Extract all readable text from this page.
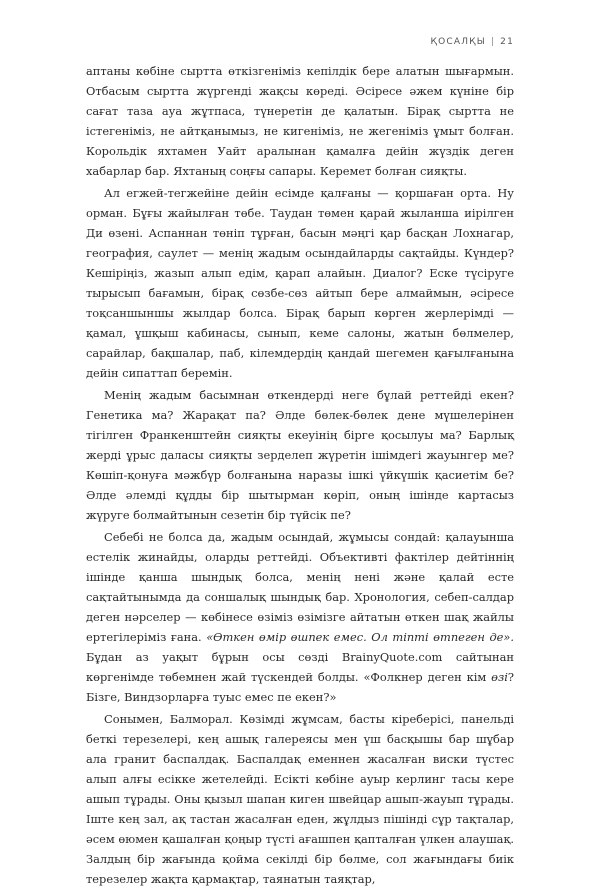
ҚОСАЛҚЫ | 21

аптаны көбіне сыртта өткізгеніміз кепілдік бере алатын шығармын. Отбасым сыртта жүргенді жақсы көреді. Әсіресе әжем күніне бір сағат таза ауа жұтпаса, түнеретін де қалатын. Бірақ сыртта не істегеніміз, не айтқанымыз, не кигеніміз, не жегеніміз ұмыт болған. Корольдік яхтамен Уайт аралынан қамалға дейін жүздік деген хабарлар бар. Яхтаның соңғы сапары. Керемет болған сияқты.

Ал егжей-тегжейіне дейін есімде қалғаны — қоршаған орта. Ну орман. Бұғы жайылған төбе. Таудан төмен қарай жыланша иірілген Ди өзені. Аспаннан төніп тұрған, басын мәңгі қар басқан Лохнагар, география, саулет — менің жадым осындайларды сақтайды. Күндер? Кешіріңіз, жазып алып едім, қарап алайын. Диалог? Еске түсіруге тырысып бағамын, бірақ сөзбе-сөз айтып бере алмаймын, әсіресе тоқсаншыншы жылдар болса. Бірақ барып көрген жерлерімді — қамал, ұшқыш кабинасы, сынып, кеме салоны, жатын бөлмелер, сарайлар, бақшалар, паб, кілемдердің қандай шегемен қағылғанына дейін сипаттап беремін.

Менің жадым басымнан өткендерді неге бұлай реттейді екен? Генетика ма? Жарақат па? Әлде бөлек-бөлек дене мүшелерінен тігілген Франкенштейн сияқты екеуінің бірге қосылуы ма? Барлық жерді ұрыс даласы сияқты зерделеп жүретін ішімдегі жауынгер ме? Көшіп-қонуға мәжбүр болғанына наразы ішкі үйкүшік қасиетім бе? Әлде әлемді құдды бір шытырман көріп, оның ішінде картасыз жүруге болмайтынын сезетін бір түйсік пе?

Себебі не болса да, жадым осындай, жұмысы сондай: қалауынша естелік жинайды, оларды реттейді. Объективті фактілер дейтіннің ішінде қанша шындық болса, менің нені және қалай есте сақтайтынымда да соншалық шындық бар. Хронология, себеп-салдар деген нәрселер — көбінесе өзіміз өзімізге айтатын өткен шақ жайлы ертегілеріміз ғана. «Өткен өмір өшпек емес. Ол тіпті өтпеген де». Бұдан аз уақыт бұрын осы сөзді BrainyQuote.com сайтынан көргенімде төбемнен жай түскендей болды. «Фолкнер деген кім өзі? Бізге, Виндзорларға туыс емес пе екен?»

Сонымен, Балморал. Көзімді жұмсам, басты кіреберісі, панельді беткі терезелері, кең ашық галереясы мен үш басқышы бар шұбар ала гранит баспалдақ. Баспалдақ еменнен жасалған виски түстес алып алғы есікке жетелейді. Есікті көбіне ауыр керлинг тасы кере ашып тұрады. Оны қызыл шапан киген швейцар ашып-жауып тұрады. Іште кең зал, ақ тастан жасалған еден, жұлдыз пішінді сұр тақталар, әсем өюмен қашалған қоңыр түсті ағашпен қапталған үлкен алаушақ. Залдың бір жағында қойма секілді бір бөлме, сол жағындағы биік терезелер жақта қармақтар, таянатын таяқтар,
